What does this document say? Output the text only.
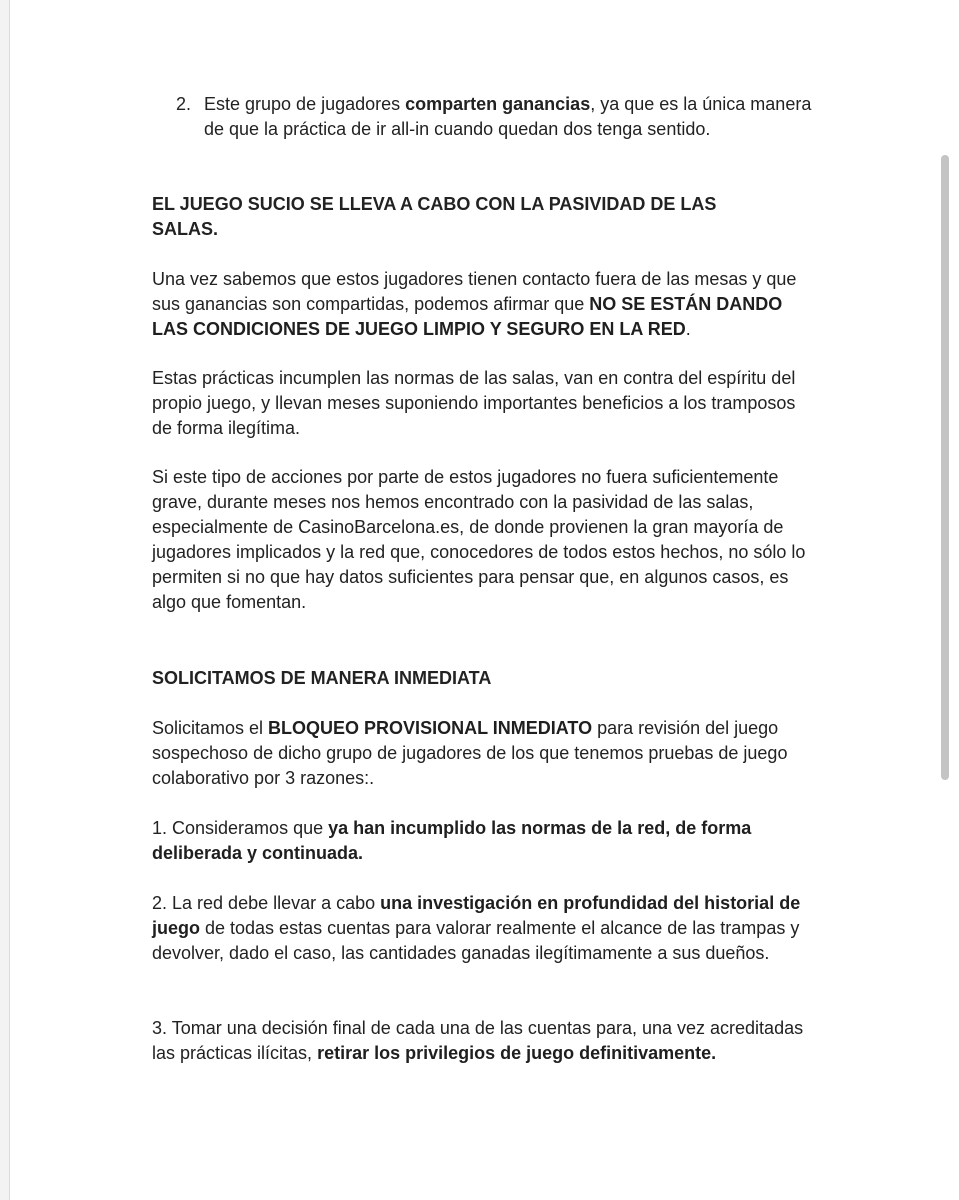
2. Este grupo de jugadores comparten ganancias, ya que es la única manera de que la práctica de ir all-in cuando quedan dos tenga sentido.

EL JUEGO SUCIO SE LLEVA A CABO CON LA PASIVIDAD DE LAS SALAS.

Una vez sabemos que estos jugadores tienen contacto fuera de las mesas y que sus ganancias son compartidas, podemos afirmar que NO SE ESTÁN DANDO LAS CONDICIONES DE JUEGO LIMPIO Y SEGURO EN LA RED.

Estas prácticas incumplen las normas de las salas, van en contra del espíritu del propio juego, y llevan meses suponiendo importantes beneficios a los tramposos de forma ilegítima.

Si este tipo de acciones por parte de estos jugadores no fuera suficientemente grave, durante meses nos hemos encontrado con la pasividad de las salas, especialmente de CasinoBarcelona.es, de donde provienen la gran mayoría de jugadores implicados y la red que, conocedores de todos estos hechos, no sólo lo permiten si no que hay datos suficientes para pensar que, en algunos casos, es algo que fomentan.

SOLICITAMOS DE MANERA INMEDIATA

Solicitamos el BLOQUEO PROVISIONAL INMEDIATO para revisión del juego sospechoso de dicho grupo de jugadores de los que tenemos pruebas de juego colaborativo por 3 razones:.

1. Consideramos que ya han incumplido las normas de la red, de forma deliberada y continuada.

2. La red debe llevar a cabo una investigación en profundidad del historial de juego de todas estas cuentas para valorar realmente el alcance de las trampas y devolver, dado el caso, las cantidades ganadas ilegítimamente a sus dueños.

3. Tomar una decisión final de cada una de las cuentas para, una vez acreditadas las prácticas ilícitas, retirar los privilegios de juego definitivamente.
